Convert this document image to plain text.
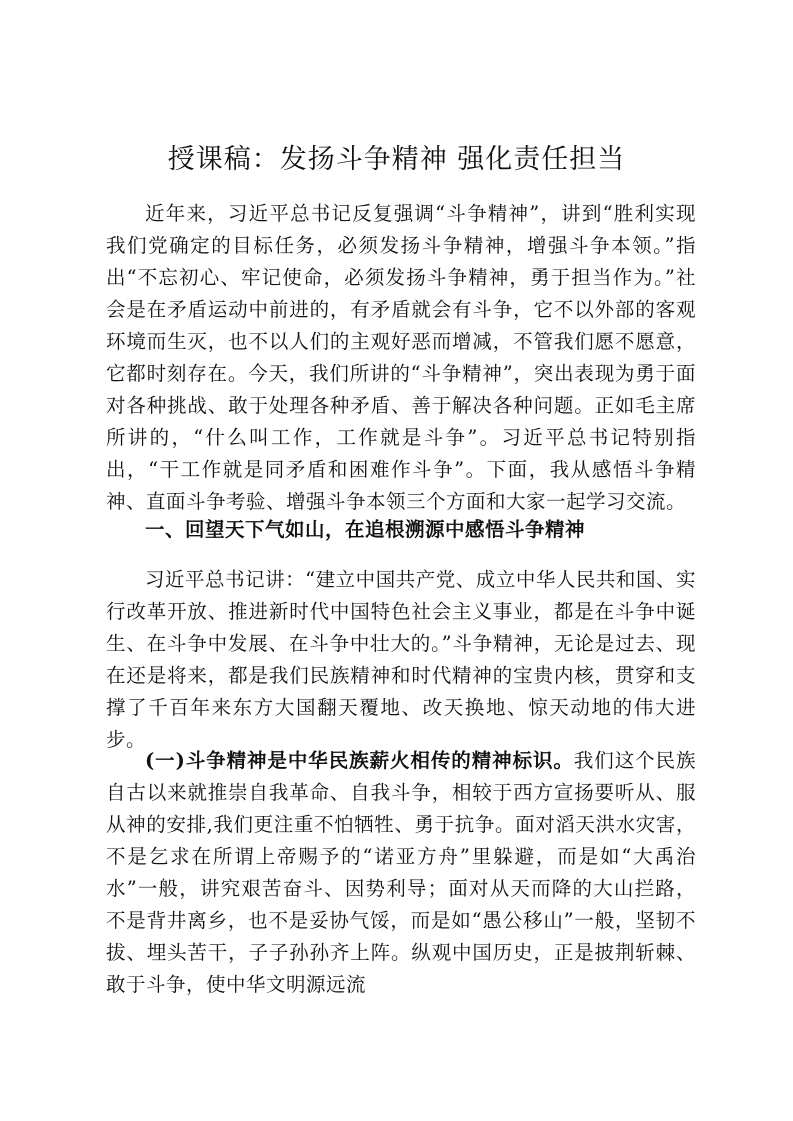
授课稿：发扬斗争精神 强化责任担当

近年来，习近平总书记反复强调“斗争精神”，讲到“胜利实现我们党确定的目标任务，必须发扬斗争精神，增强斗争本领。”指出“不忘初心、牢记使命，必须发扬斗争精神，勇于担当作为。”社会是在矛盾运动中前进的，有矛盾就会有斗争，它不以外部的客观环境而生灭，也不以人们的主观好恶而增减，不管我们愿不愿意，它都时刻存在。今天，我们所讲的“斗争精神”，突出表现为勇于面对各种挑战、敢于处理各种矛盾、善于解决各种问题。正如毛主席所讲的，“什么叫工作，工作就是斗争”。习近平总书记特别指出，“干工作就是同矛盾和困难作斗争”。下面，我从感悟斗争精神、直面斗争考验、增强斗争本领三个方面和大家一起学习交流。

一、回望天下气如山，在追根溯源中感悟斗争精神

习近平总书记讲：“建立中国共产党、成立中华人民共和国、实行改革开放、推进新时代中国特色社会主义事业，都是在斗争中诞生、在斗争中发展、在斗争中壮大的。”斗争精神，无论是过去、现在还是将来，都是我们民族精神和时代精神的宝贵内核，贯穿和支撑了千百年来东方大国翻天覆地、改天换地、惊天动地的伟大进步。

(一)斗争精神是中华民族薪火相传的精神标识。我们这个民族自古以来就推崇自我革命、自我斗争，相较于西方宣扬要听从、服从神的安排,我们更注重不怕牺牲、勇于抗争。面对滔天洪水灾害，不是乞求在所谓上帝赐予的“诺亚方舟”里躲避，而是如“大禹治水”一般，讲究艰苦奋斗、因势利导；面对从天而降的大山拦路，不是背井离乡，也不是妥协气馁，而是如“愚公移山”一般，坚韧不拔、埋头苦干，子子孙孙齐上阵。纵观中国历史，正是披荆斩棘、敢于斗争，使中华文明源远流
